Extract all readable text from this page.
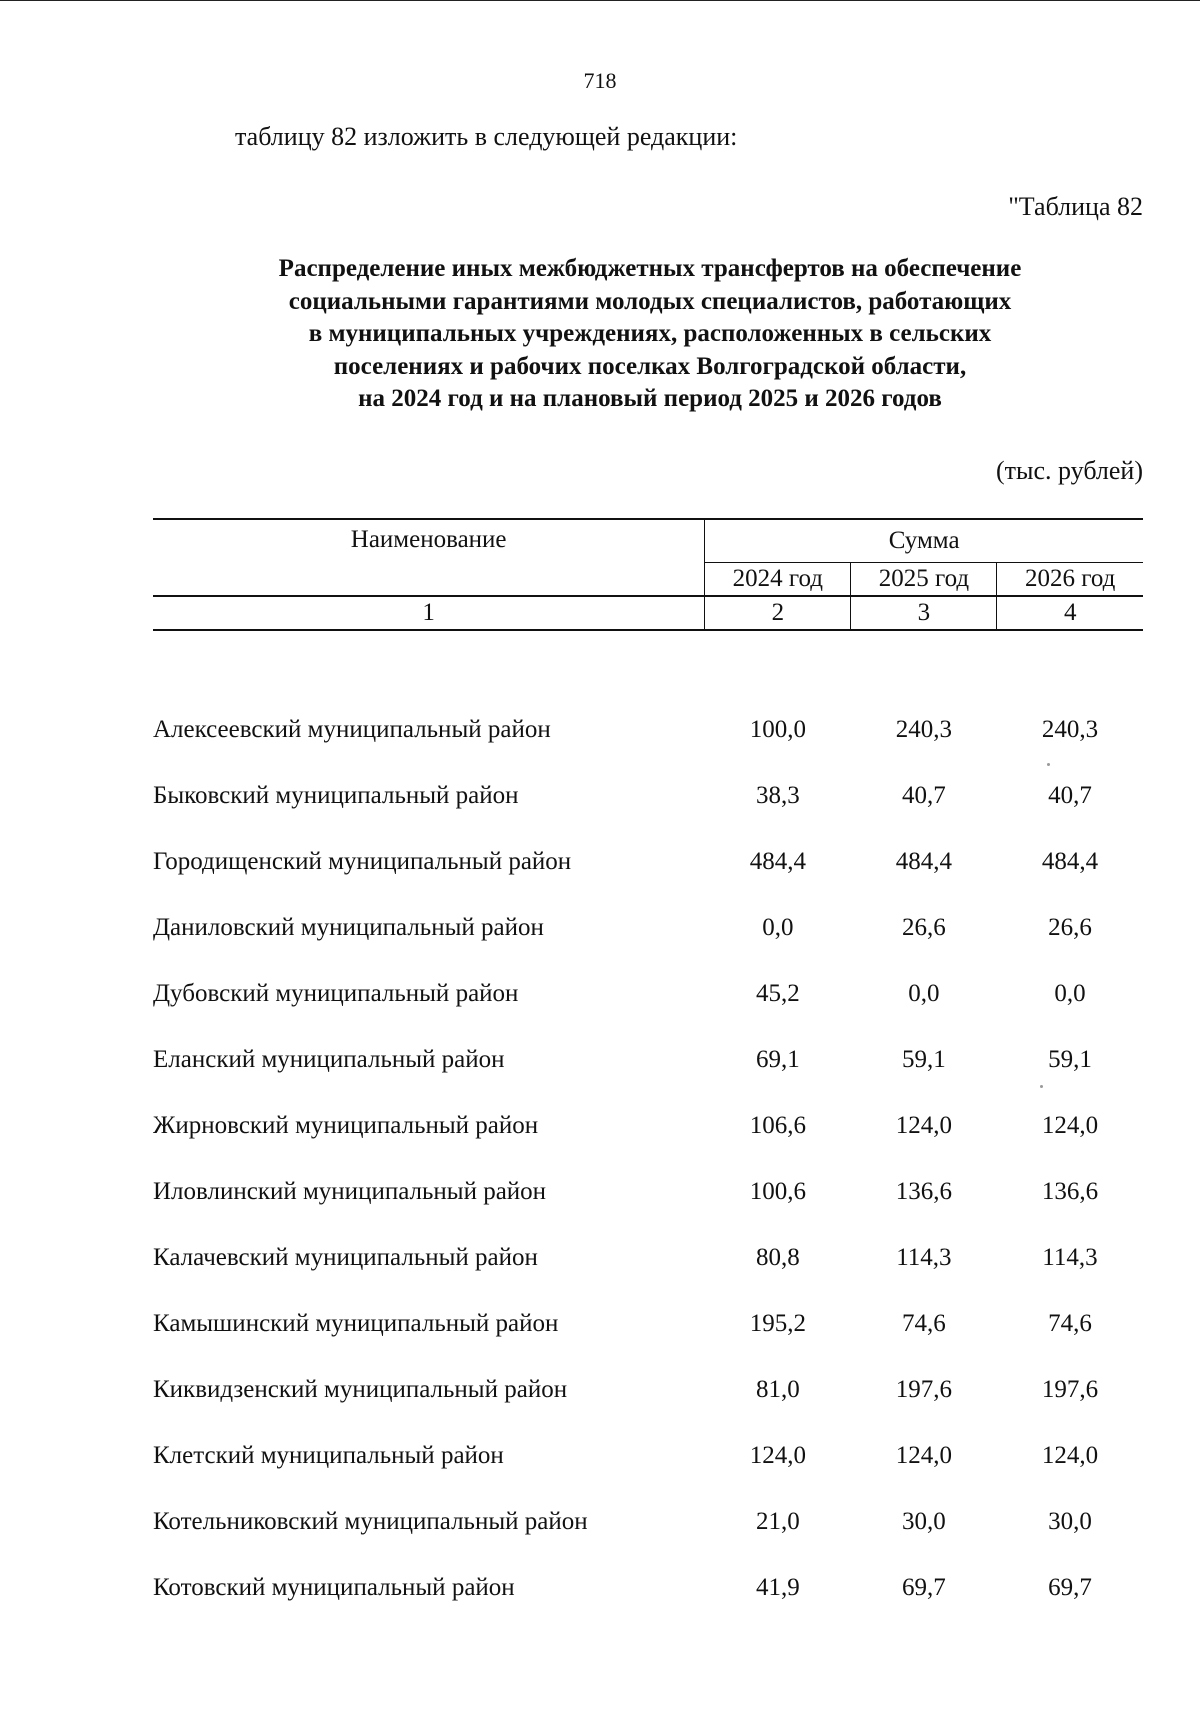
718
таблицу 82 изложить в следующей редакции:
"Таблица 82
Распределение иных межбюджетных трансфертов на обеспечение
социальными гарантиями молодых специалистов, работающих
в муниципальных учреждениях, расположенных в сельских
поселениях и рабочих поселках Волгоградской области,
на 2024 год и на плановый период 2025 и 2026 годов
(тыс. рублей)
Наименование	Сумма		
	2024 год	2025 год	2026 год
1	2	3	4

Алексеевский муниципальный район	100,0	240,3	240,3
Быковский муниципальный район	38,3	40,7	40,7
Городищенский муниципальный район	484,4	484,4	484,4
Даниловский муниципальный район	0,0	26,6	26,6
Дубовский муниципальный район	45,2	0,0	0,0
Еланский муниципальный район	69,1	59,1	59,1
Жирновский муниципальный район	106,6	124,0	124,0
Иловлинский муниципальный район	100,6	136,6	136,6
Калачевский муниципальный район	80,8	114,3	114,3
Камышинский муниципальный район	195,2	74,6	74,6
Киквидзенский муниципальный район	81,0	197,6	197,6
Клетский муниципальный район	124,0	124,0	124,0
Котельниковский муниципальный район	21,0	30,0	30,0
Котовский муниципальный район	41,9	69,7	69,7
